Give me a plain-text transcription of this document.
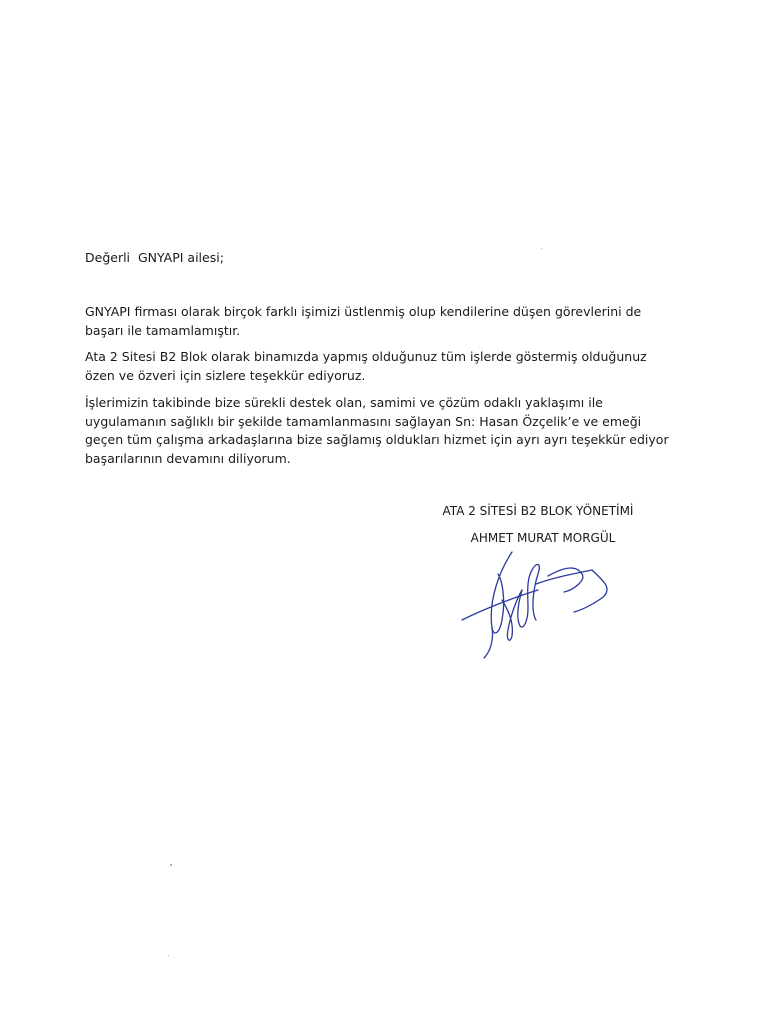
Değerli  GNYAPI ailesi;
GNYAPI firması olarak birçok farklı işimizi üstlenmiş olup kendilerine düşen görevlerini de başarı ile tamamlamıştır.
Ata 2 Sitesi B2 Blok olarak binamızda yapmış olduğunuz tüm işlerde göstermiş olduğunuz özen ve özveri için sizlere teşekkür ediyoruz.
İşlerimizin takibinde bize sürekli destek olan, samimi ve çözüm odaklı yaklaşımı ile uygulamanın sağlıklı bir şekilde tamamlanmasını sağlayan Sn: Hasan Özçelik’e ve emeği geçen tüm çalışma arkadaşlarına bize sağlamış oldukları hizmet için ayrı ayrı teşekkür ediyor başarılarının devamını diliyorum.
ATA 2 SİTESİ B2 BLOK YÖNETİMİ
AHMET MURAT MORGÜL
